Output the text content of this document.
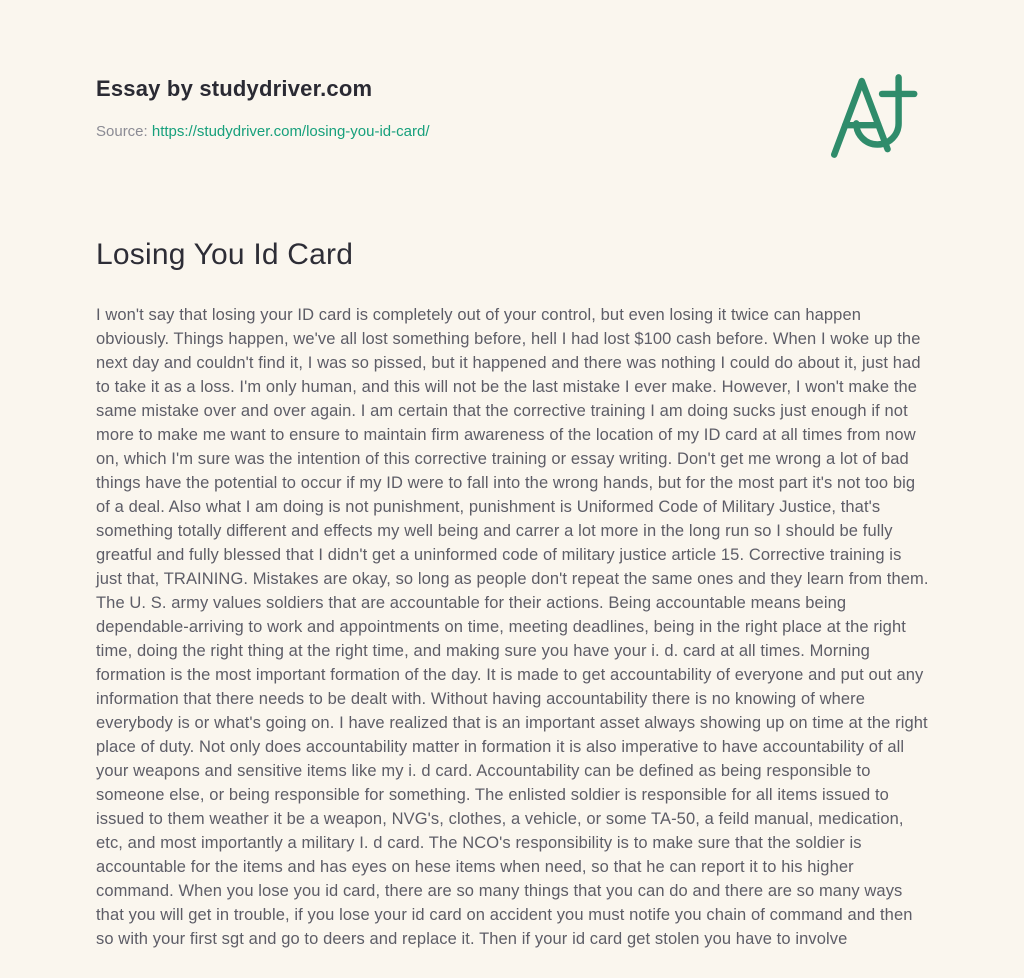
Essay by studydriver.com
Source: https://studydriver.com/losing-you-id-card/
Losing You Id Card

I won't say that losing your ID card is completely out of your control, but even losing it twice can happen obviously. Things happen, we've all lost something before, hell I had lost $100 cash before. When I woke up the next day and couldn't find it, I was so pissed, but it happened and there was nothing I could do about it, just had to take it as a loss. I'm only human, and this will not be the last mistake I ever make. However, I won't make the same mistake over and over again. I am certain that the corrective training I am doing sucks just enough if not more to make me want to ensure to maintain firm awareness of the location of my ID card at all times from now on, which I'm sure was the intention of this corrective training or essay writing. Don't get me wrong a lot of bad things have the potential to occur if my ID were to fall into the wrong hands, but for the most part it's not too big of a deal. Also what I am doing is not punishment, punishment is Uniformed Code of Military Justice, that's something totally different and effects my well being and carrer a lot more in the long run so I should be fully greatful and fully blessed that I didn't get a uninformed code of military justice article 15. Corrective training is just that, TRAINING. Mistakes are okay, so long as people don't repeat the same ones and they learn from them. The U. S. army values soldiers that are accountable for their actions. Being accountable means being dependable-arriving to work and appointments on time, meeting deadlines, being in the right place at the right time, doing the right thing at the right time, and making sure you have your i. d. card at all times. Morning formation is the most important formation of the day. It is made to get accountability of everyone and put out any information that there needs to be dealt with. Without having accountability there is no knowing of where everybody is or what's going on. I have realized that is an important asset always showing up on time at the right place of duty. Not only does accountability matter in formation it is also imperative to have accountability of all your weapons and sensitive items like my i. d card. Accountability can be defined as being responsible to someone else, or being responsible for something. The enlisted soldier is responsible for all items issued to issued to them weather it be a weapon, NVG's, clothes, a vehicle, or some TA-50, a feild manual, medication, etc, and most importantly a military I. d card. The NCO's responsibility is to make sure that the soldier is accountable for the items and has eyes on hese items when need, so that he can report it to his higher command. When you lose you id card, there are so many things that you can do and there are so many ways that you will get in trouble, if you lose your id card on accident you must notife you chain of command and then so with your first sgt and go to deers and replace it. Then if your id card get stolen you have to involve
